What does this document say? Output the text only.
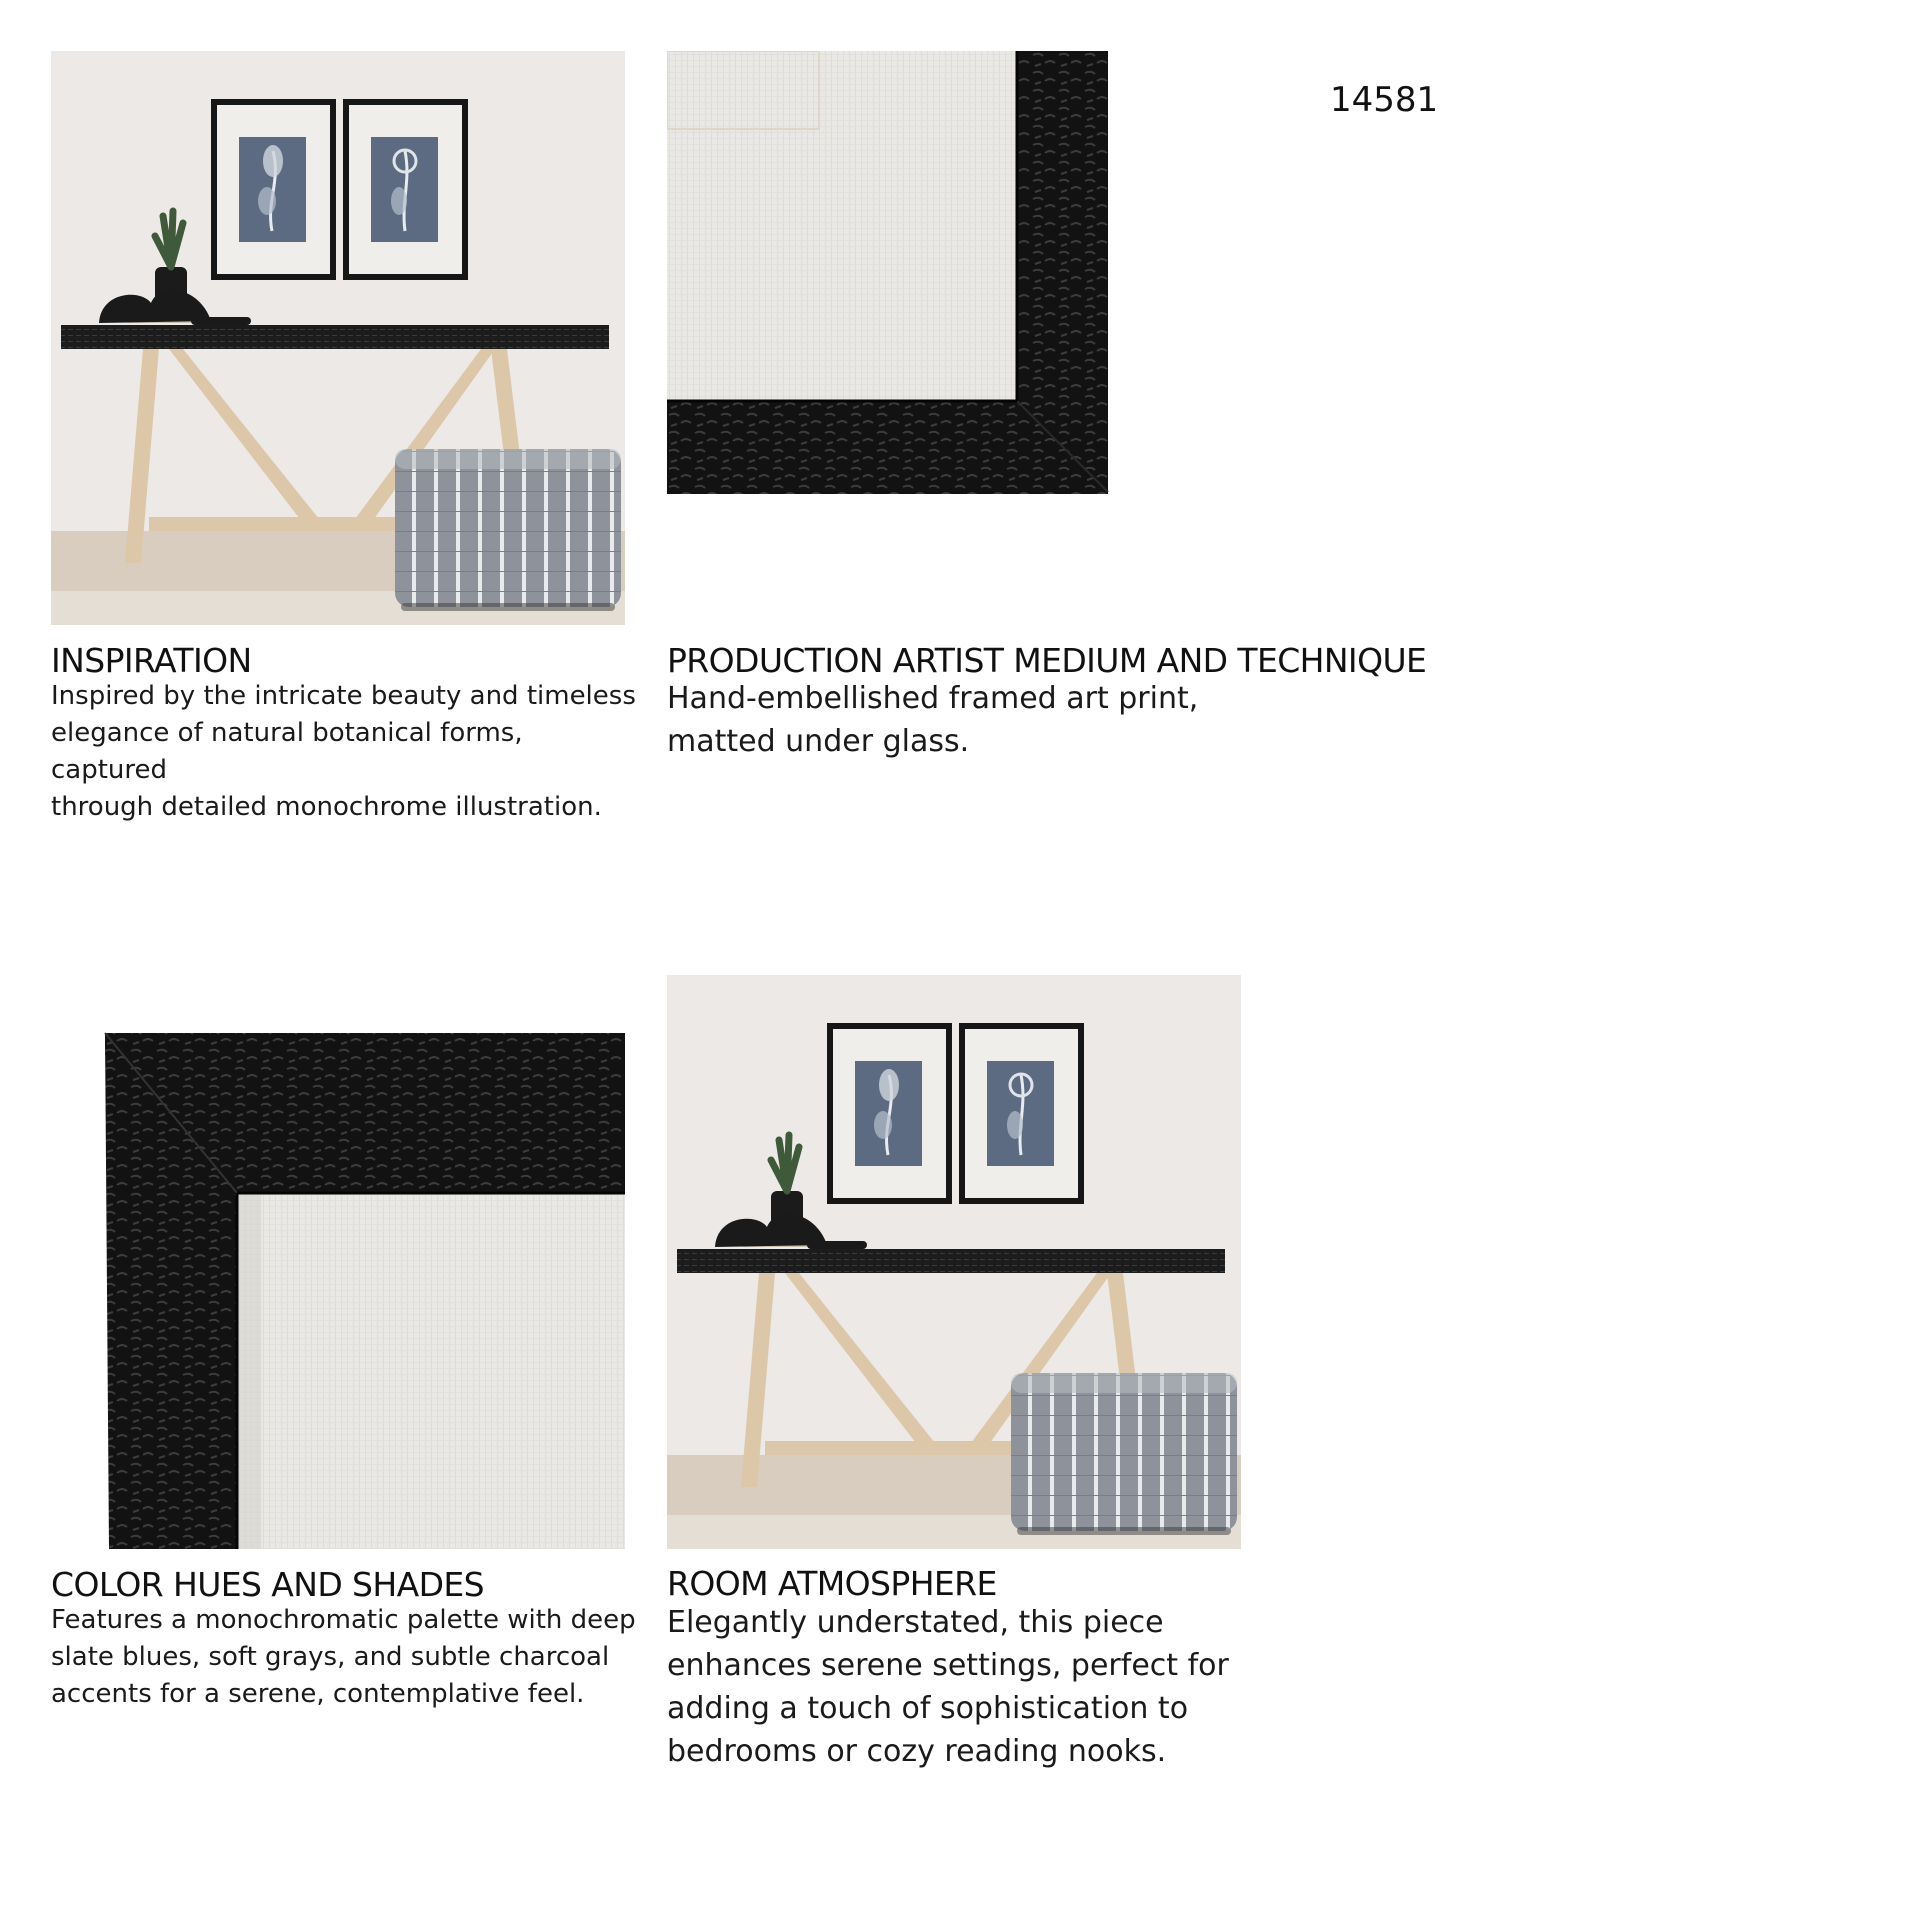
14581
INSPIRATION
Inspired by the intricate beauty and timeless
elegance of natural botanical forms, captured
through detailed monochrome illustration.
PRODUCTION ARTIST MEDIUM AND TECHNIQUE
Hand-embellished framed art print,
matted under glass.
COLOR HUES AND SHADES
Features a monochromatic palette with deep
slate blues, soft grays, and subtle charcoal
accents for a serene, contemplative feel.
ROOM ATMOSPHERE
Elegantly understated, this piece
enhances serene settings, perfect for
adding a touch of sophistication to
bedrooms or cozy reading nooks.
